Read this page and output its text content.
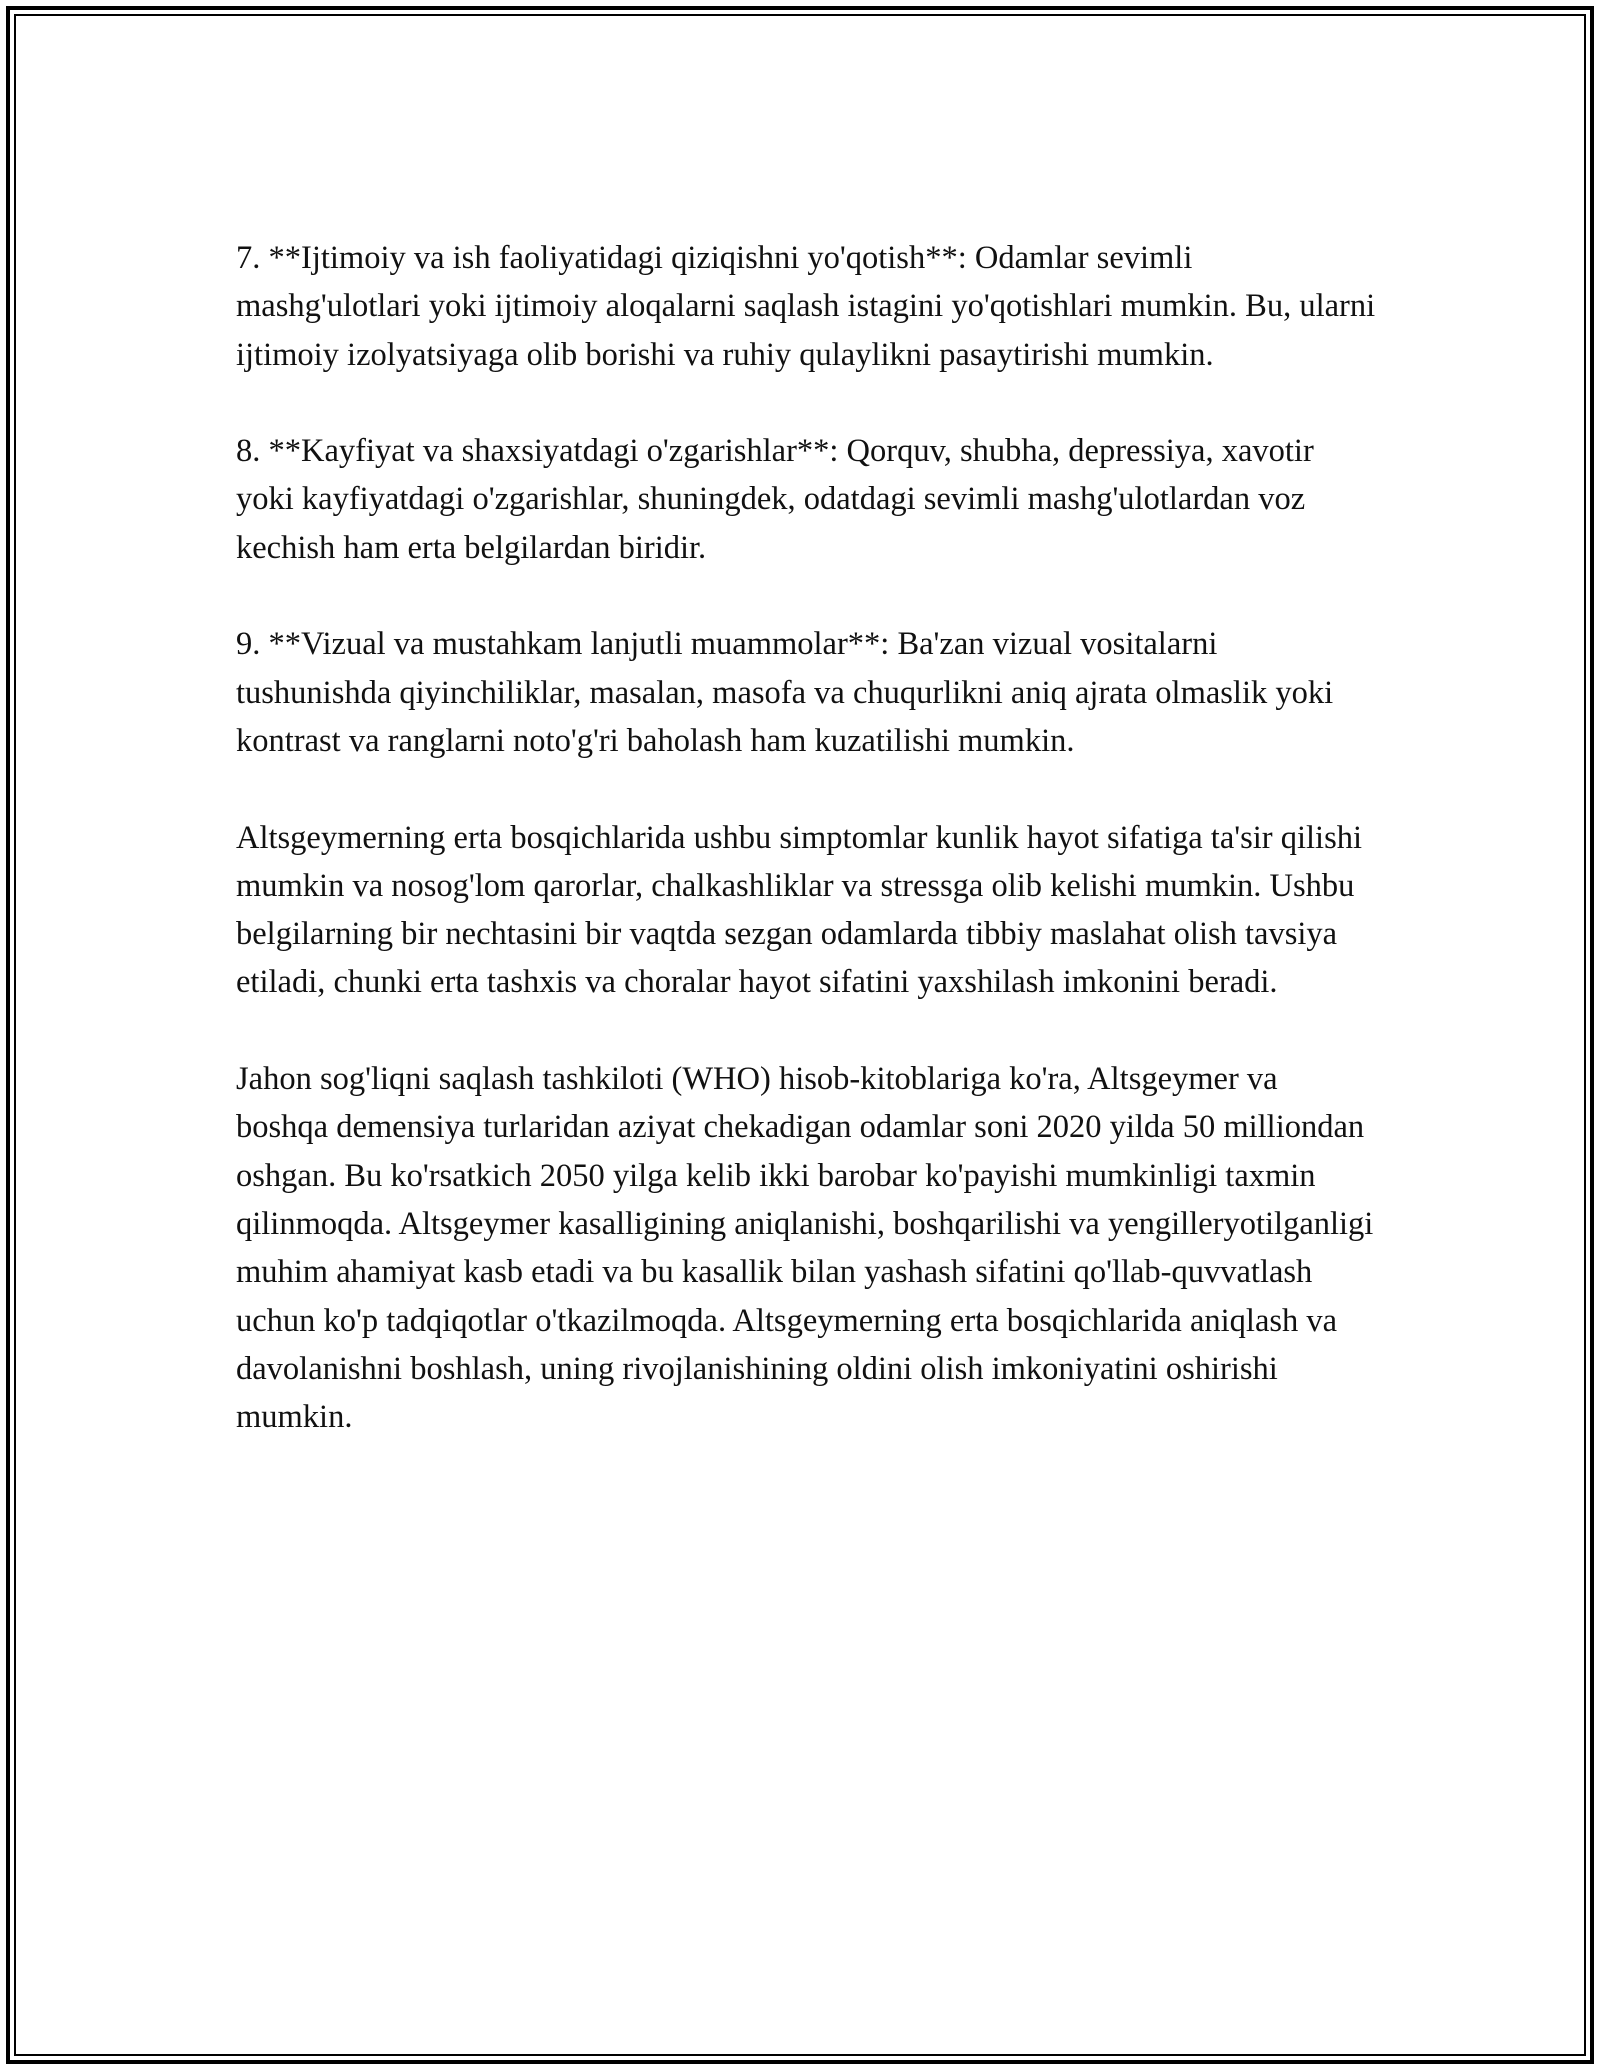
7. **Ijtimoiy va ish faoliyatidagi qiziqishni yo'qotish**: Odamlar sevimli mashg'ulotlari yoki ijtimoiy aloqalarni saqlash istagini yo'qotishlari mumkin. Bu, ularni ijtimoiy izolyatsiyaga olib borishi va ruhiy qulaylikni pasaytirishi mumkin.

8. **Kayfiyat va shaxsiyatdagi o'zgarishlar**: Qorquv, shubha, depressiya, xavotir yoki kayfiyatdagi o'zgarishlar, shuningdek, odatdagi sevimli mashg'ulotlardan voz kechish ham erta belgilardan biridir.

9. **Vizual va mustahkam lanjutli muammolar**: Ba'zan vizual vositalarni tushunishda qiyinchiliklar, masalan, masofa va chuqurlikni aniq ajrata olmaslik yoki kontrast va ranglarni noto'g'ri baholash ham kuzatilishi mumkin.

Altsgeymerning erta bosqichlarida ushbu simptomlar kunlik hayot sifatiga ta'sir qilishi mumkin va nosog'lom qarorlar, chalkashliklar va stressga olib kelishi mumkin. Ushbu belgilarning bir nechtasini bir vaqtda sezgan odamlarda tibbiy maslahat olish tavsiya etiladi, chunki erta tashxis va choralar hayot sifatini yaxshilash imkonini beradi.

Jahon sog'liqni saqlash tashkiloti (WHO) hisob-kitoblariga ko'ra, Altsgeymer va boshqa demensiya turlaridan aziyat chekadigan odamlar soni 2020 yilda 50 milliondan oshgan. Bu ko'rsatkich 2050 yilga kelib ikki barobar ko'payishi mumkinligi taxmin qilinmoqda. Altsgeymer kasalligining aniqlanishi, boshqarilishi va yengilleryotilganligi muhim ahamiyat kasb etadi va bu kasallik bilan yashash sifatini qo'llab-quvvatlash uchun ko'p tadqiqotlar o'tkazilmoqda. Altsgeymerning erta bosqichlarida aniqlash va davolanishni boshlash, uning rivojlanishining oldini olish imkoniyatini oshirishi mumkin.
